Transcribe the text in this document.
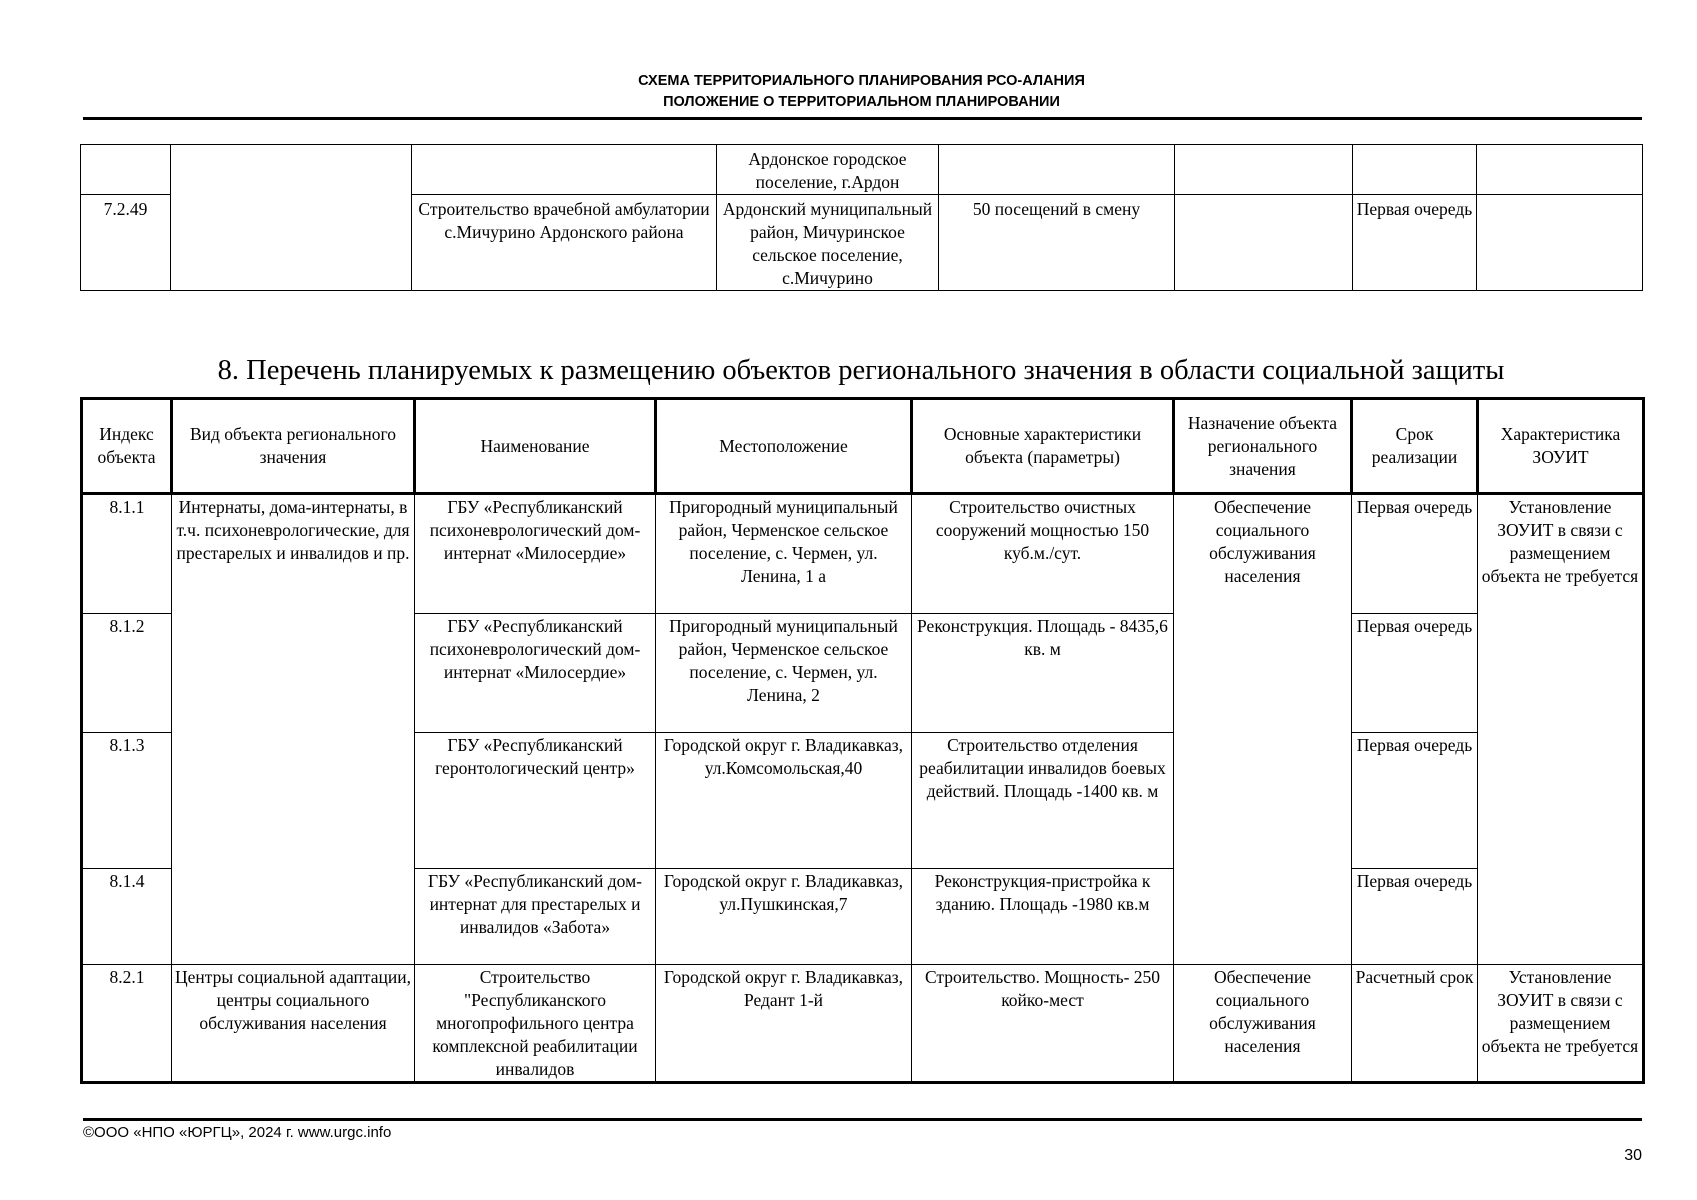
СХЕМА ТЕРРИТОРИАЛЬНОГО ПЛАНИРОВАНИЯ РСО-АЛАНИЯ
ПОЛОЖЕНИЕ О ТЕРРИТОРИАЛЬНОМ ПЛАНИРОВАНИИ
			Ардонское городское поселение, г.Ардон				
7.2.49		Строительство врачебной амбулатории с.Мичурино Ардонского района	Ардонский муниципальный район, Мичуринское сельское поселение, с.Мичурино	50 посещений в смену		Первая очередь	
8. Перечень планируемых к размещению объектов регионального значения в области социальной защиты
Индекс объекта	Вид объекта регионального значения	Наименование	Местоположение	Основные характеристики объекта (параметры)	Назначение объекта регионального значения	Срок реализации	Характеристика ЗОУИТ
8.1.1	Интернаты, дома-интернаты, в т.ч. психоневрологические, для престарелых и инвалидов и пр.	ГБУ «Республиканский психоневрологический дом-интернат «Милосердие»	Пригородный муниципальный район, Черменское сельское поселение, с. Чермен, ул. Ленина, 1 а	Строительство очистных сооружений мощностью 150 куб.м./сут.	Обеспечение социального обслуживания населения	Первая очередь	Установление ЗОУИТ в связи с размещением объекта не требуется
8.1.2		ГБУ «Республиканский психоневрологический дом-интернат «Милосердие»	Пригородный муниципальный район, Черменское сельское поселение, с. Чермен, ул. Ленина, 2	Реконструкция. Площадь - 8435,6 кв. м		Первая очередь	
8.1.3		ГБУ «Республиканский геронтологический центр»	Городской округ г. Владикавказ, ул.Комсомольская,40	Строительство отделения реабилитации инвалидов боевых действий. Площадь -1400 кв. м		Первая очередь	
8.1.4		ГБУ «Республиканский дом-интернат для престарелых и инвалидов «Забота»	Городской округ г. Владикавказ, ул.Пушкинская,7	Реконструкция-пристройка к зданию. Площадь -1980 кв.м		Первая очередь	
8.2.1	Центры социальной адаптации, центры социального обслуживания населения	Строительство "Республиканского многопрофильного центра комплексной реабилитации инвалидов	Городской округ г. Владикавказ, Редант 1-й	Строительство. Мощность- 250 койко-мест	Обеспечение социального обслуживания населения	Расчетный срок	Установление ЗОУИТ в связи с размещением объекта не требуется
©ООО «НПО «ЮРГЦ», 2024 г. www.urgc.info
30
